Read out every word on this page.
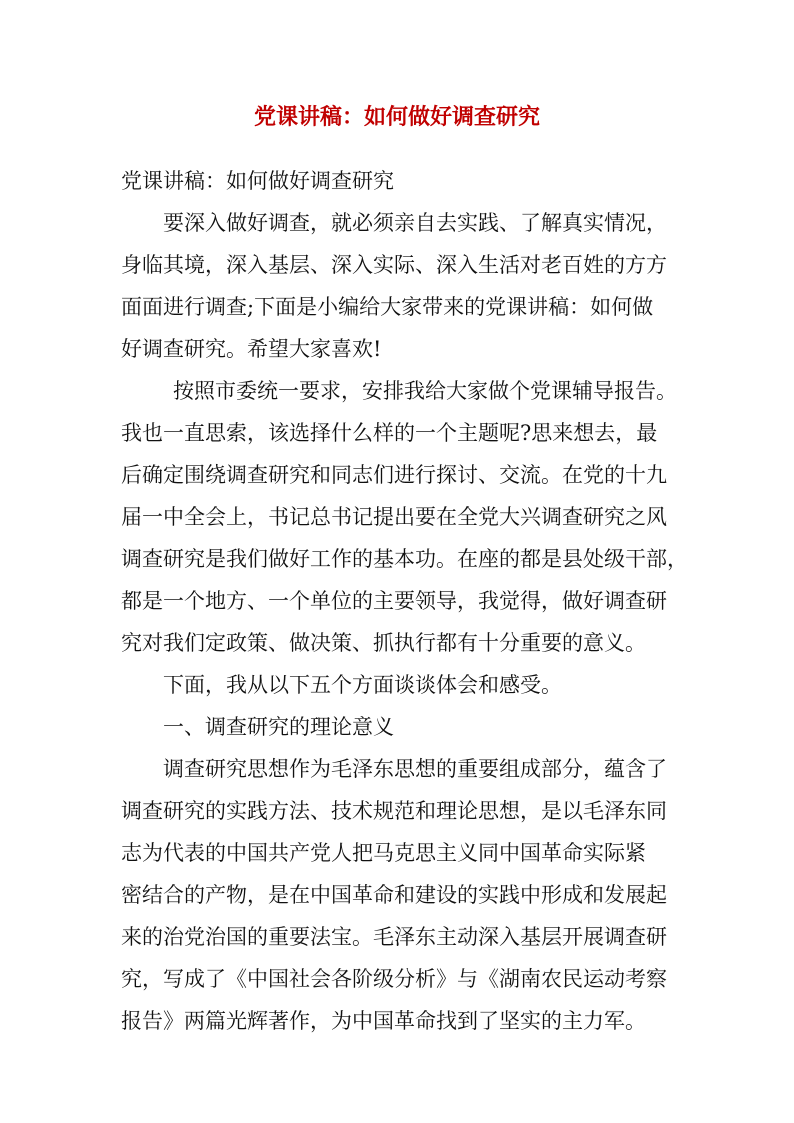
党课讲稿：如何做好调查研究
党课讲稿：如何做好调查研究
要深入做好调查，就必须亲自去实践、了解真实情况，
身临其境，深入基层、深入实际、深入生活对老百姓的方方
面面进行调查;下面是小编给大家带来的党课讲稿：如何做
好调查研究。希望大家喜欢!
按照市委统一要求，安排我给大家做个党课辅导报告。
我也一直思索，该选择什么样的一个主题呢?思来想去，最
后确定围绕调查研究和同志们进行探讨、交流。在党的十九
届一中全会上，书记总书记提出要在全党大兴调查研究之风
调查研究是我们做好工作的基本功。在座的都是县处级干部，
都是一个地方、一个单位的主要领导，我觉得，做好调查研
究对我们定政策、做决策、抓执行都有十分重要的意义。
下面，我从以下五个方面谈谈体会和感受。
一、调查研究的理论意义
调查研究思想作为毛泽东思想的重要组成部分，蕴含了
调查研究的实践方法、技术规范和理论思想，是以毛泽东同
志为代表的中国共产党人把马克思主义同中国革命实际紧
密结合的产物，是在中国革命和建设的实践中形成和发展起
来的治党治国的重要法宝。毛泽东主动深入基层开展调查研
究，写成了《中国社会各阶级分析》与《湖南农民运动考察
报告》两篇光辉著作，为中国革命找到了坚实的主力军。
